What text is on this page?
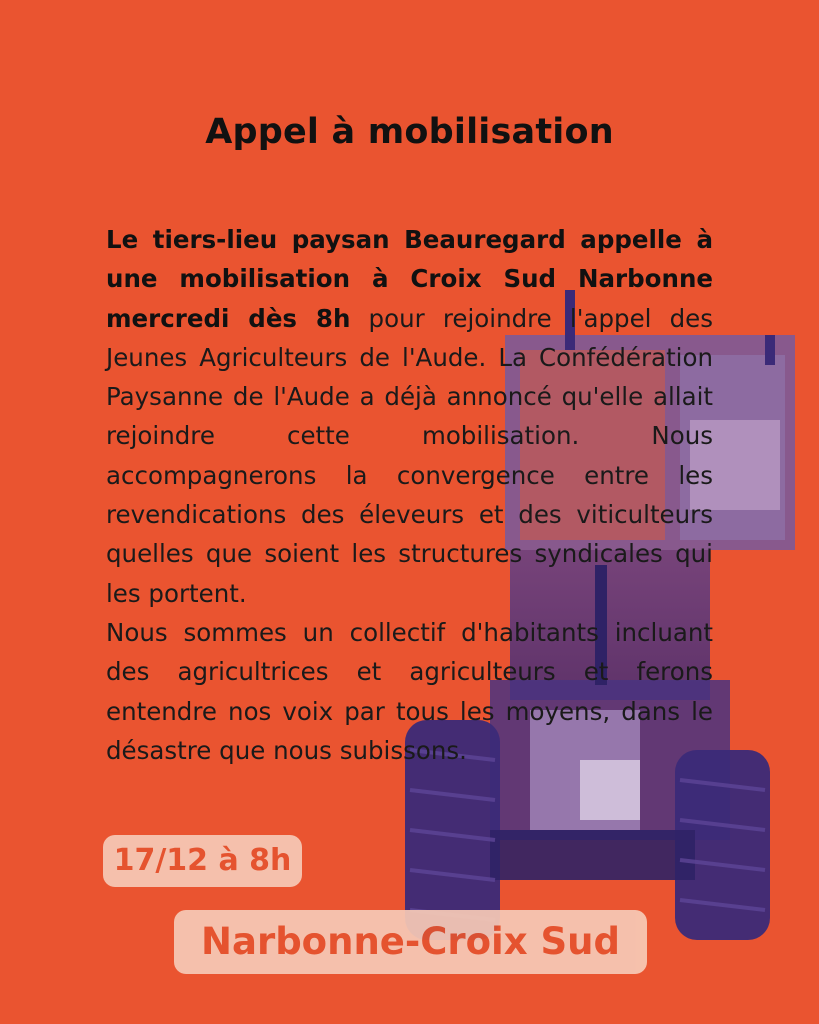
Appel à mobilisation

Le tiers-lieu paysan Beauregard appelle à une mobilisation à Croix Sud Narbonne mercredi dès 8h pour rejoindre l'appel des Jeunes Agriculteurs de l'Aude. La Confédération Paysanne de l'Aude a déjà annoncé qu'elle allait rejoindre cette mobilisation. Nous accompagnerons la convergence entre les revendications des éleveurs et des viticulteurs quelles que soient les structures syndicales qui les portent.

Nous sommes un collectif d'habitants incluant des agricultrices et agriculteurs et ferons entendre nos voix par tous les moyens, dans le désastre que nous subissons.

17/12 à 8h
Narbonne-Croix Sud
